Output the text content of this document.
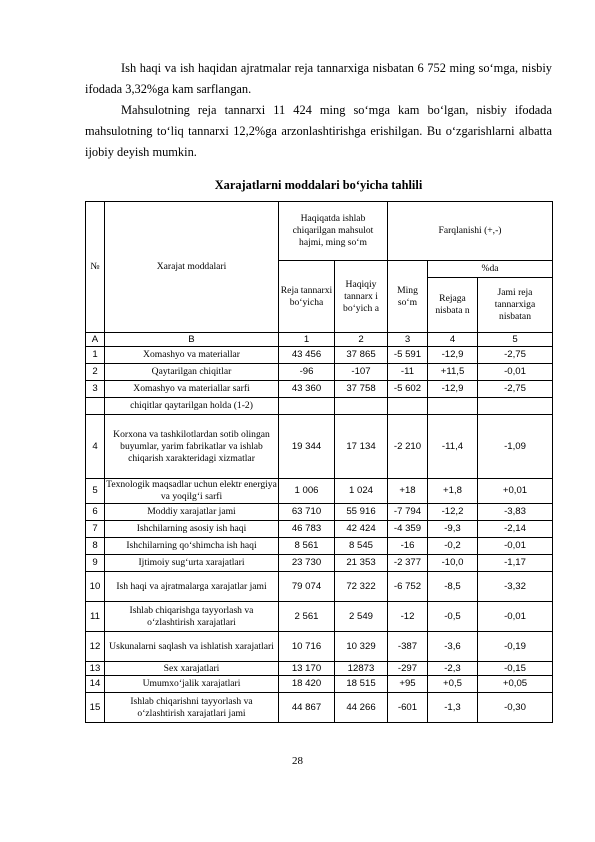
Ish haqi va ish haqidan ajratmalar reja tannarxiga nisbatan 6 752 ming so‘mga, nisbiy ifodada 3,32%ga kam sarflangan.

Mahsulotning reja tannarxi 11 424 ming so‘mga kam bo‘lgan, nisbiy ifodada mahsulotning to‘liq tannarxi 12,2%ga arzonlashtirishga erishilgan. Bu o‘zgarishlarni albatta ijobiy deyish mumkin.

Xarajatlarni moddalari bo‘yicha tahlili
№	Xarajat moddalari	Haqiqatda ishlab chiqarilgan mahsulot hajmi, ming so‘m		Farqlanishi (+,-)		
		Reja tannarxi bo‘yicha	Haqiqiy tannarx i bo‘yich a	Ming so‘m	%da	
					Rejaga nisbata n	Jami reja tannarxiga nisbatan
A	B	1	2	3	4	5
1	Xomashyo va materiallar	43 456	37 865	-5 591	-12,9	-2,75
2	Qaytarilgan chiqitlar	-96	-107	-11	+11,5	-0,01
3	Xomashyo va materiallar sarfi	43 360	37 758	-5 602	-12,9	-2,75
	chiqitlar qaytarilgan holda (1-2)					
4	Korxona va tashkilotlardan sotib olingan buyumlar, yarim fabrikatlar va ishlab chiqarish xarakteridagi xizmatlar	19 344	17 134	-2 210	-11,4	-1,09
5	Texnologik maqsadlar uchun elektr energiya va yoqilg‘i sarfi	1 006	1 024	+18	+1,8	+0,01
6	Moddiy xarajatlar jami	63 710	55 916	-7 794	-12,2	-3,83
7	Ishchilarning asosiy ish haqi	46 783	42 424	-4 359	-9,3	-2,14
8	Ishchilarning qo‘shimcha ish haqi	8 561	8 545	-16	-0,2	-0,01
9	Ijtimoiy sug‘urta xarajatlari	23 730	21 353	-2 377	-10,0	-1,17
10	Ish haqi va ajratmalarga xarajatlar jami	79 074	72 322	-6 752	-8,5	-3,32
11	Ishlab chiqarishga tayyorlash va o‘zlashtirish xarajatlari	2 561	2 549	-12	-0,5	-0,01
12	Uskunalarni saqlash va ishlatish xarajatlari	10 716	10 329	-387	-3,6	-0,19
13	Sex xarajatlari	13 170	12873	-297	-2,3	-0,15
14	Umumxo‘jalik xarajatlari	18 420	18 515	+95	+0,5	+0,05
15	Ishlab chiqarishni tayyorlash va o‘zlashtirish xarajatlari jami	44 867	44 266	-601	-1,3	-0,30
28
